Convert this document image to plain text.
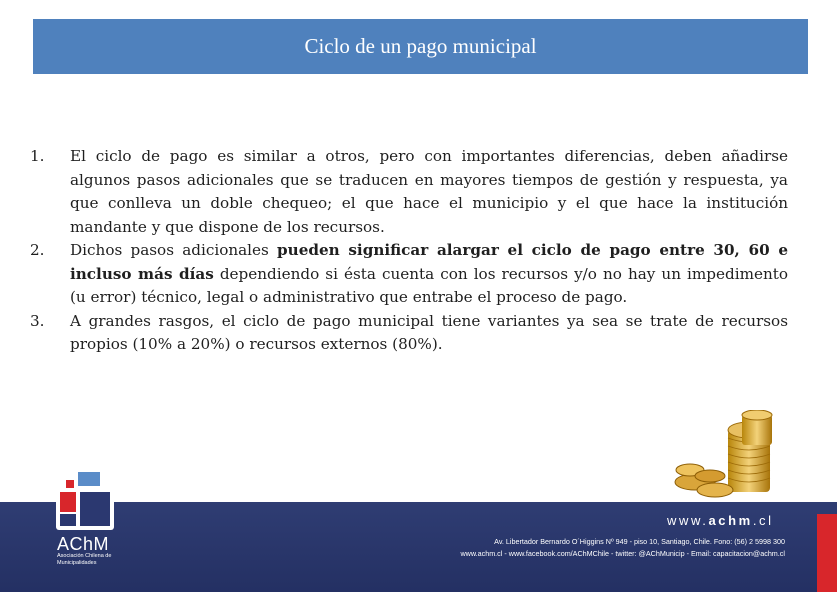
Ciclo de un pago municipal
1.	El ciclo de pago es similar a otros, pero con importantes diferencias, deben añadirse algunos pasos adicionales que se traducen en mayores tiempos de gestión y respuesta, ya que conlleva un doble chequeo; el que hace el municipio y el que hace la institución mandante y que dispone de los recursos.
2.	Dichos pasos adicionales pueden significar alargar el ciclo de pago entre 30, 60 e incluso más días dependiendo si ésta cuenta con los recursos y/o no hay un impedimento (u error) técnico, legal o administrativo que entrabe el proceso de pago.
3.	A grandes rasgos, el ciclo de pago municipal tiene variantes ya sea se trate de recursos propios (10% a 20%) o recursos externos (80%).
AChM
Asociación Chilena de Municipalidades
www.achm.cl
Av. Libertador Bernardo O´Higgins Nº 949 - piso 10, Santiago, Chile. Fono: (56) 2 5998 300
www.achm.cl - www.facebook.com/AChMChile - twitter: @AChMunicip - Email: capacitacion@achm.cl
